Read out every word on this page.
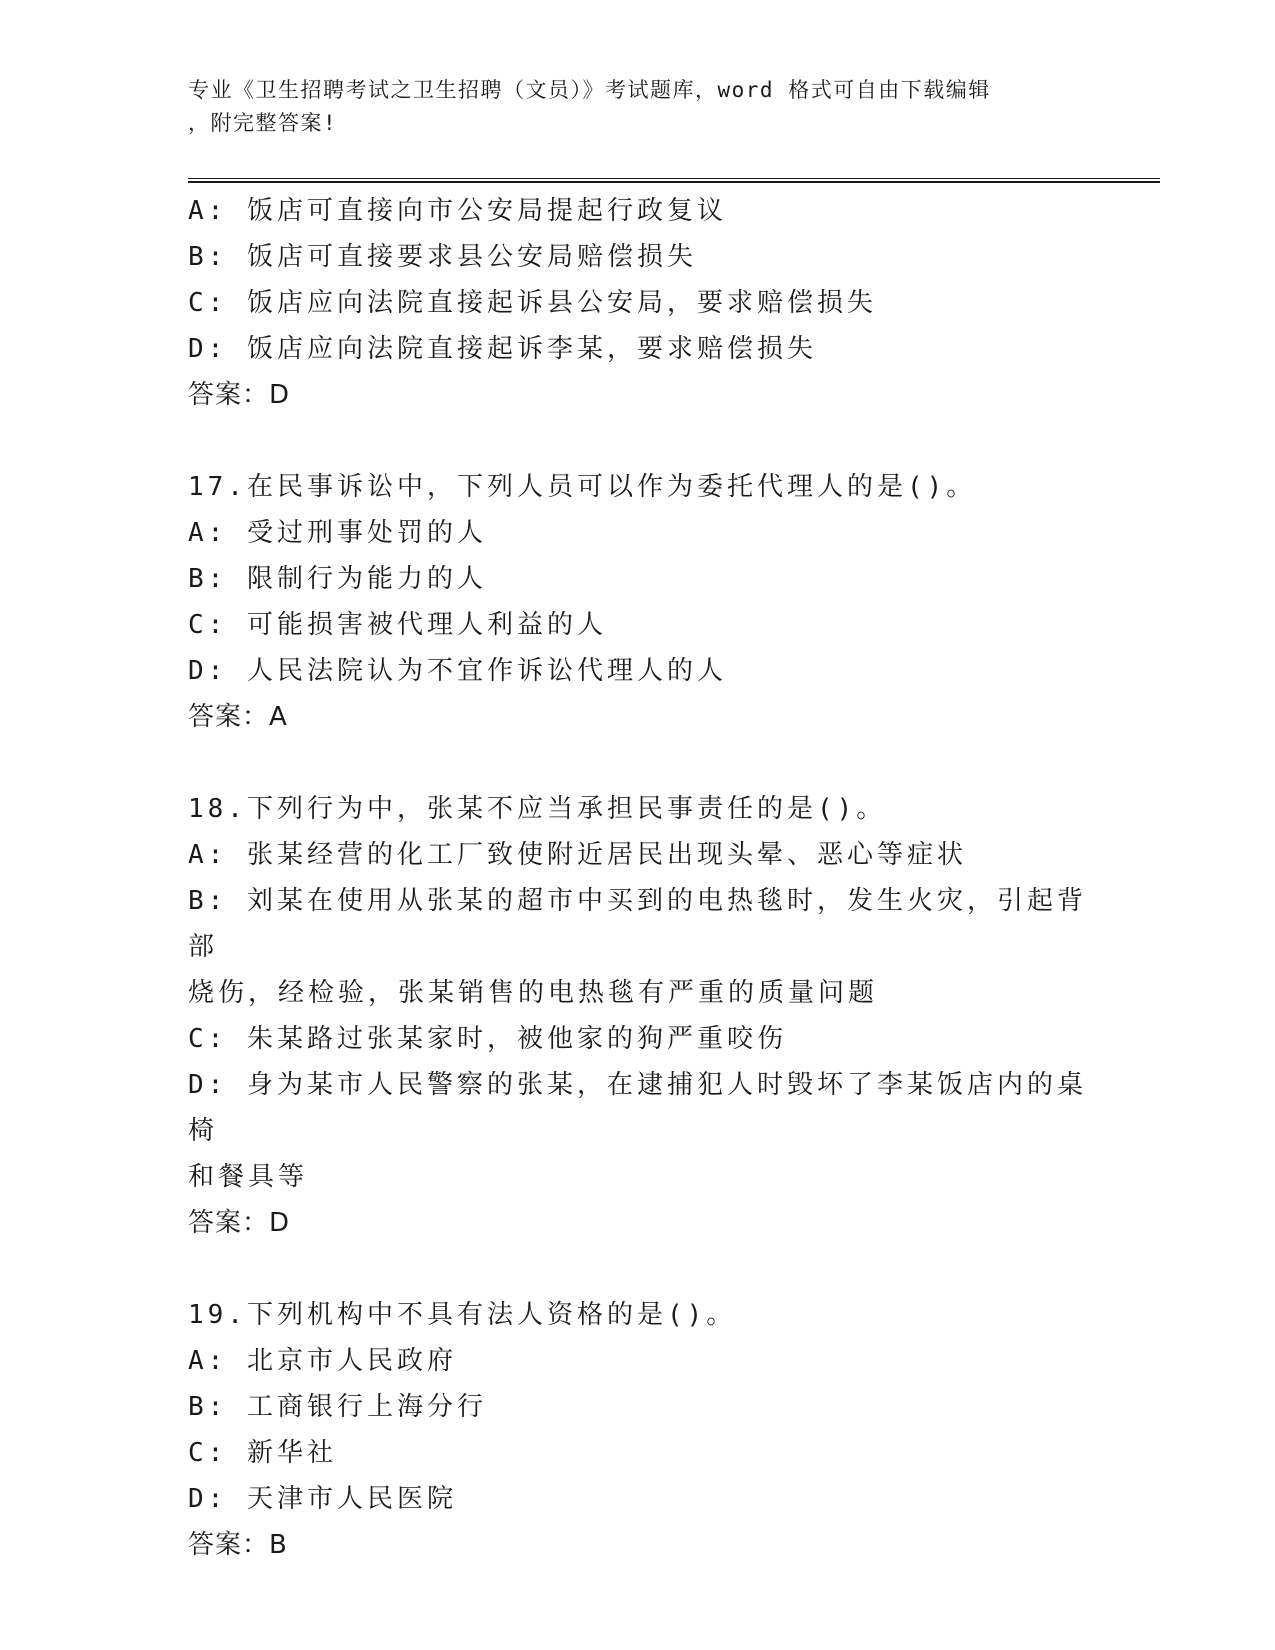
专业《卫生招聘考试之卫生招聘（文员）》考试题库，word 格式可自由下载编辑
，附完整答案!
A: 饭店可直接向市公安局提起行政复议
B: 饭店可直接要求县公安局赔偿损失
C: 饭店应向法院直接起诉县公安局，要求赔偿损失
D: 饭店应向法院直接起诉李某，要求赔偿损失
答案：D
17.在民事诉讼中，下列人员可以作为委托代理人的是()。
A: 受过刑事处罚的人
B: 限制行为能力的人
C: 可能损害被代理人利益的人
D: 人民法院认为不宜作诉讼代理人的人
答案：A
18.下列行为中，张某不应当承担民事责任的是()。
A: 张某经营的化工厂致使附近居民出现头晕、恶心等症状
B: 刘某在使用从张某的超市中买到的电热毯时，发生火灾，引起背部
烧伤，经检验，张某销售的电热毯有严重的质量问题
C: 朱某路过张某家时，被他家的狗严重咬伤
D: 身为某市人民警察的张某，在逮捕犯人时毁坏了李某饭店内的桌椅
和餐具等
答案：D
19.下列机构中不具有法人资格的是()。
A: 北京市人民政府
B: 工商银行上海分行
C: 新华社
D: 天津市人民医院
答案：B
